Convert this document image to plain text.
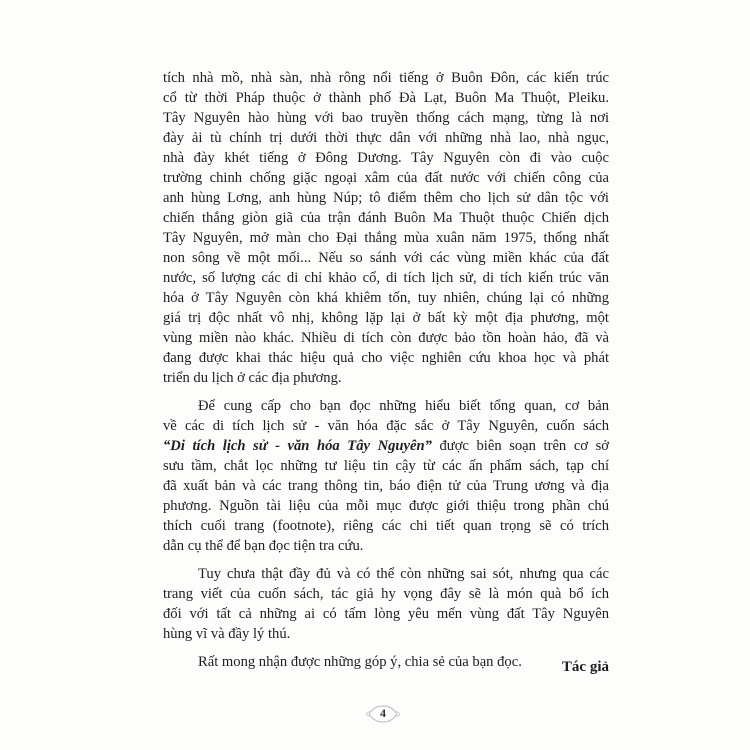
tích nhà mồ, nhà sàn, nhà rông nổi tiếng ở Buôn Đôn, các kiến trúc
cổ từ thời Pháp thuộc ở thành phố Đà Lạt, Buôn Ma Thuột, Pleiku.
Tây Nguyên hào hùng với bao truyền thống cách mạng, từng là nơi
đày ải tù chính trị dưới thời thực dân với những nhà lao, nhà ngục,
nhà đày khét tiếng ở Đông Dương. Tây Nguyên còn đi vào cuộc
trường chinh chống giặc ngoại xâm của đất nước với chiến công của
anh hùng Lơng, anh hùng Núp; tô điểm thêm cho lịch sử dân tộc với
chiến thắng giòn giã của trận đánh Buôn Ma Thuột thuộc Chiến dịch
Tây Nguyên, mở màn cho Đại thắng mùa xuân năm 1975, thống nhất
non sông về một mối... Nếu so sánh với các vùng miền khác của đất
nước, số lượng các di chỉ khảo cổ, di tích lịch sử, di tích kiến trúc văn
hóa ở Tây Nguyên còn khá khiêm tốn, tuy nhiên, chúng lại có những
giá trị độc nhất vô nhị, không lặp lại ở bất kỳ một địa phương, một
vùng miền nào khác. Nhiều di tích còn được bảo tồn hoàn hảo, đã và
đang được khai thác hiệu quả cho việc nghiên cứu khoa học và phát
triển du lịch ở các địa phương.

Để cung cấp cho bạn đọc những hiểu biết tổng quan, cơ bản
về các di tích lịch sử - văn hóa đặc sắc ở Tây Nguyên, cuốn sách
“Di tích lịch sử - văn hóa Tây Nguyên” được biên soạn trên cơ sở
sưu tầm, chắt lọc những tư liệu tin cậy từ các ấn phẩm sách, tạp chí
đã xuất bản và các trang thông tin, báo điện tử của Trung ương và địa
phương. Nguồn tài liệu của mỗi mục được giới thiệu trong phần chú
thích cuối trang (footnote), riêng các chi tiết quan trọng sẽ có trích
dẫn cụ thể để bạn đọc tiện tra cứu.

Tuy chưa thật đầy đủ và có thể còn những sai sót, nhưng qua các
trang viết của cuốn sách, tác giả hy vọng đây sẽ là món quà bổ ích
đối với tất cả những ai có tấm lòng yêu mến vùng đất Tây Nguyên
hùng vĩ và đầy lý thú.

Rất mong nhận được những góp ý, chia sẻ của bạn đọc.	Tác giả

4
